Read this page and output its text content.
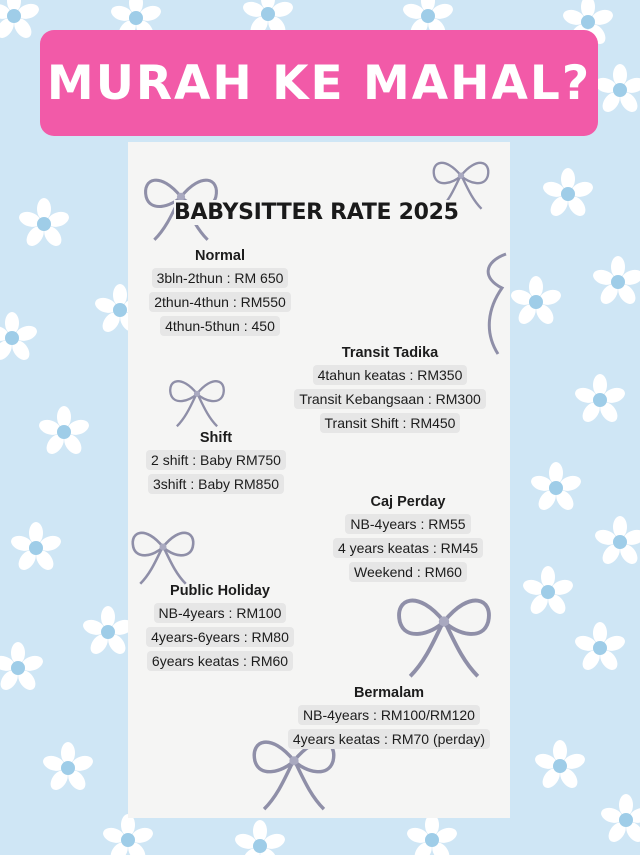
MURAH KE MAHAL?
BABYSITTER RATE 2025
Normal
3bln-2thun : RM 650
2thun-4thun : RM550
4thun-5thun : 450
Transit Tadika
4tahun keatas : RM350
Transit Kebangsaan : RM300
Transit Shift : RM450
Shift
2 shift : Baby RM750
3shift : Baby RM850
Caj Perday
NB-4years : RM55
4 years keatas : RM45
Weekend : RM60
Public Holiday
NB-4years : RM100
4years-6years : RM80
6years keatas : RM60
Bermalam
NB-4years : RM100/RM120
4years keatas : RM70 (perday)
